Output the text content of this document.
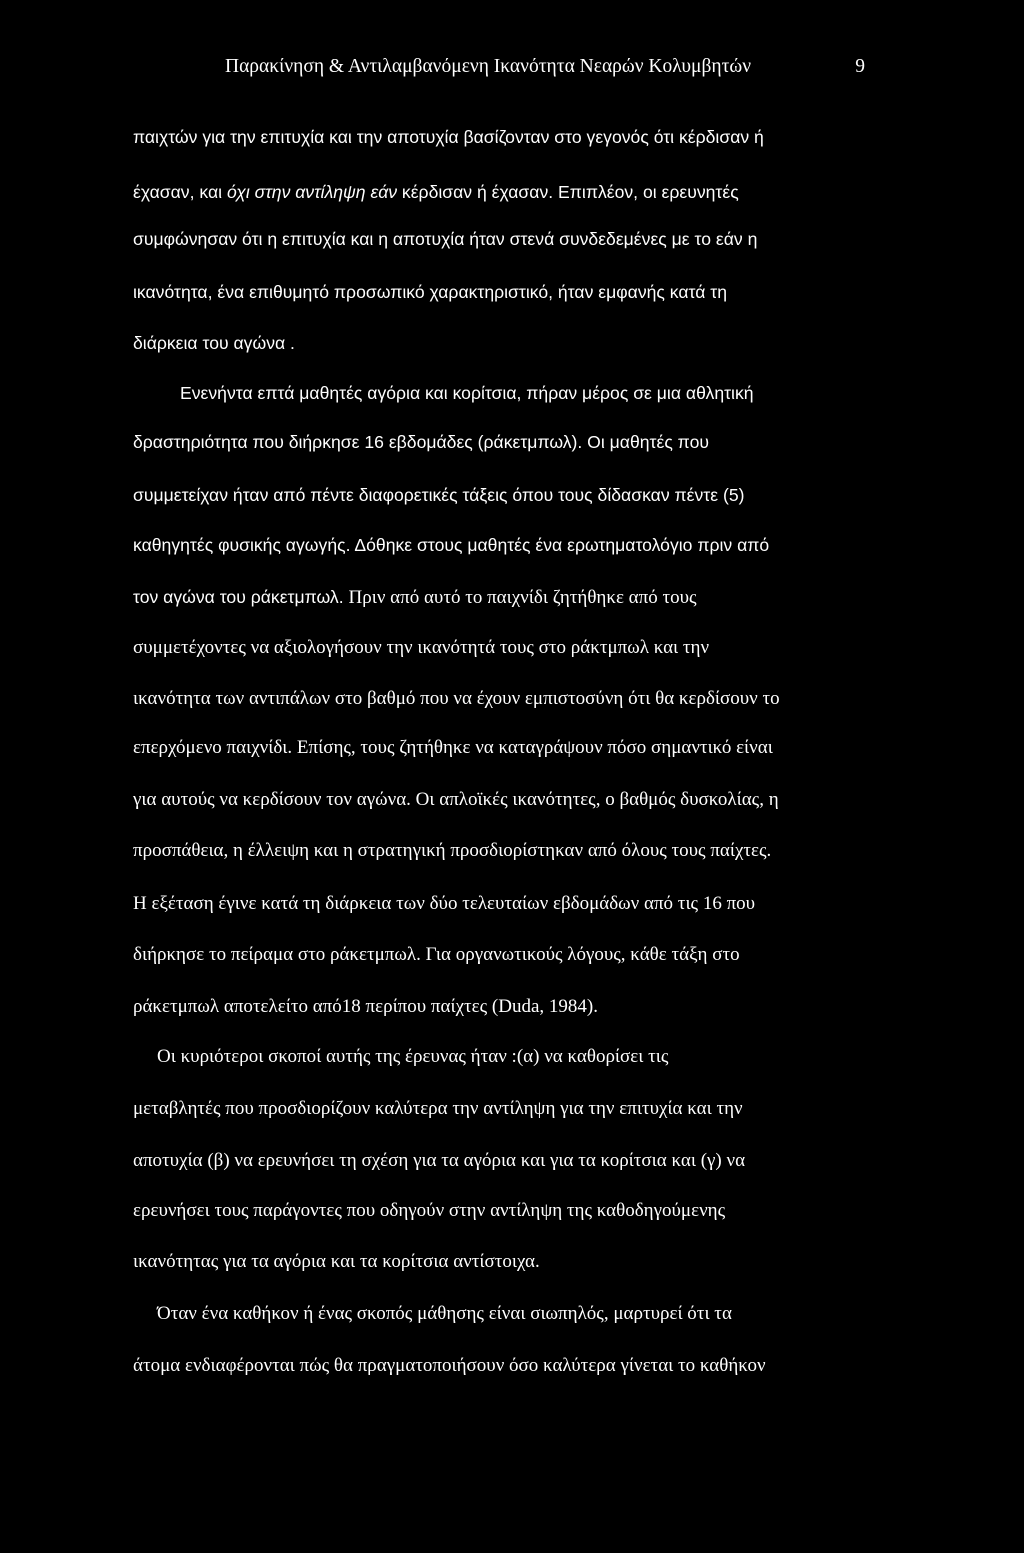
Παρακίνηση & Αντιλαμβανόμενη Ικανότητα Νεαρών Κολυμβητών	9
παιχτών για την επιτυχία και την αποτυχία βασίζονταν στο γεγονός ότι κέρδισαν ή
έχασαν, και όχι στην αντίληψη εάν κέρδισαν ή έχασαν. Επιπλέον, οι ερευνητές
συμφώνησαν ότι η επιτυχία και η αποτυχία ήταν στενά συνδεδεμένες με το εάν η
ικανότητα, ένα επιθυμητό προσωπικό χαρακτηριστικό, ήταν εμφανής κατά τη
διάρκεια του αγώνα .
Ενενήντα επτά μαθητές αγόρια και κορίτσια, πήραν μέρος σε μια αθλητική
δραστηριότητα που διήρκησε 16 εβδομάδες (ράκετμπωλ). Οι μαθητές που
συμμετείχαν ήταν από πέντε διαφορετικές τάξεις όπου τους δίδασκαν πέντε (5)
καθηγητές φυσικής αγωγής. Δόθηκε στους μαθητές ένα ερωτηματολόγιο πριν από
τον αγώνα του ράκετμπωλ. Πριν από αυτό το παιχνίδι ζητήθηκε από τους
συμμετέχοντες να αξιολογήσουν την ικανότητά τους στο ράκτμπωλ και την
ικανότητα των αντιπάλων στο βαθμό που να έχουν εμπιστοσύνη ότι θα κερδίσουν το
επερχόμενο παιχνίδι. Επίσης, τους ζητήθηκε να καταγράψουν πόσο σημαντικό είναι
για αυτούς να κερδίσουν τον αγώνα. Οι απλοϊκές ικανότητες, ο βαθμός δυσκολίας, η
προσπάθεια, η έλλειψη και η στρατηγική προσδιορίστηκαν από όλους τους παίχτες.
Η εξέταση έγινε κατά τη διάρκεια των δύο τελευταίων εβδομάδων από τις 16 που
διήρκησε το πείραμα στο ράκετμπωλ. Για οργανωτικούς λόγους, κάθε τάξη στο
ράκετμπωλ αποτελείτο από18 περίπου παίχτες (Duda, 1984).
Οι κυριότεροι σκοποί αυτής της έρευνας ήταν :(α) να καθορίσει τις
μεταβλητές που προσδιορίζουν καλύτερα την αντίληψη για την επιτυχία και την
αποτυχία (β) να ερευνήσει τη σχέση για τα αγόρια και για τα κορίτσια και (γ) να
ερευνήσει τους παράγοντες που οδηγούν στην αντίληψη της καθοδηγούμενης
ικανότητας για τα αγόρια και τα κορίτσια αντίστοιχα.
Όταν ένα καθήκον ή ένας σκοπός μάθησης είναι σιωπηλός, μαρτυρεί ότι τα
άτομα ενδιαφέρονται πώς θα πραγματοποιήσουν όσο καλύτερα γίνεται το καθήκον
